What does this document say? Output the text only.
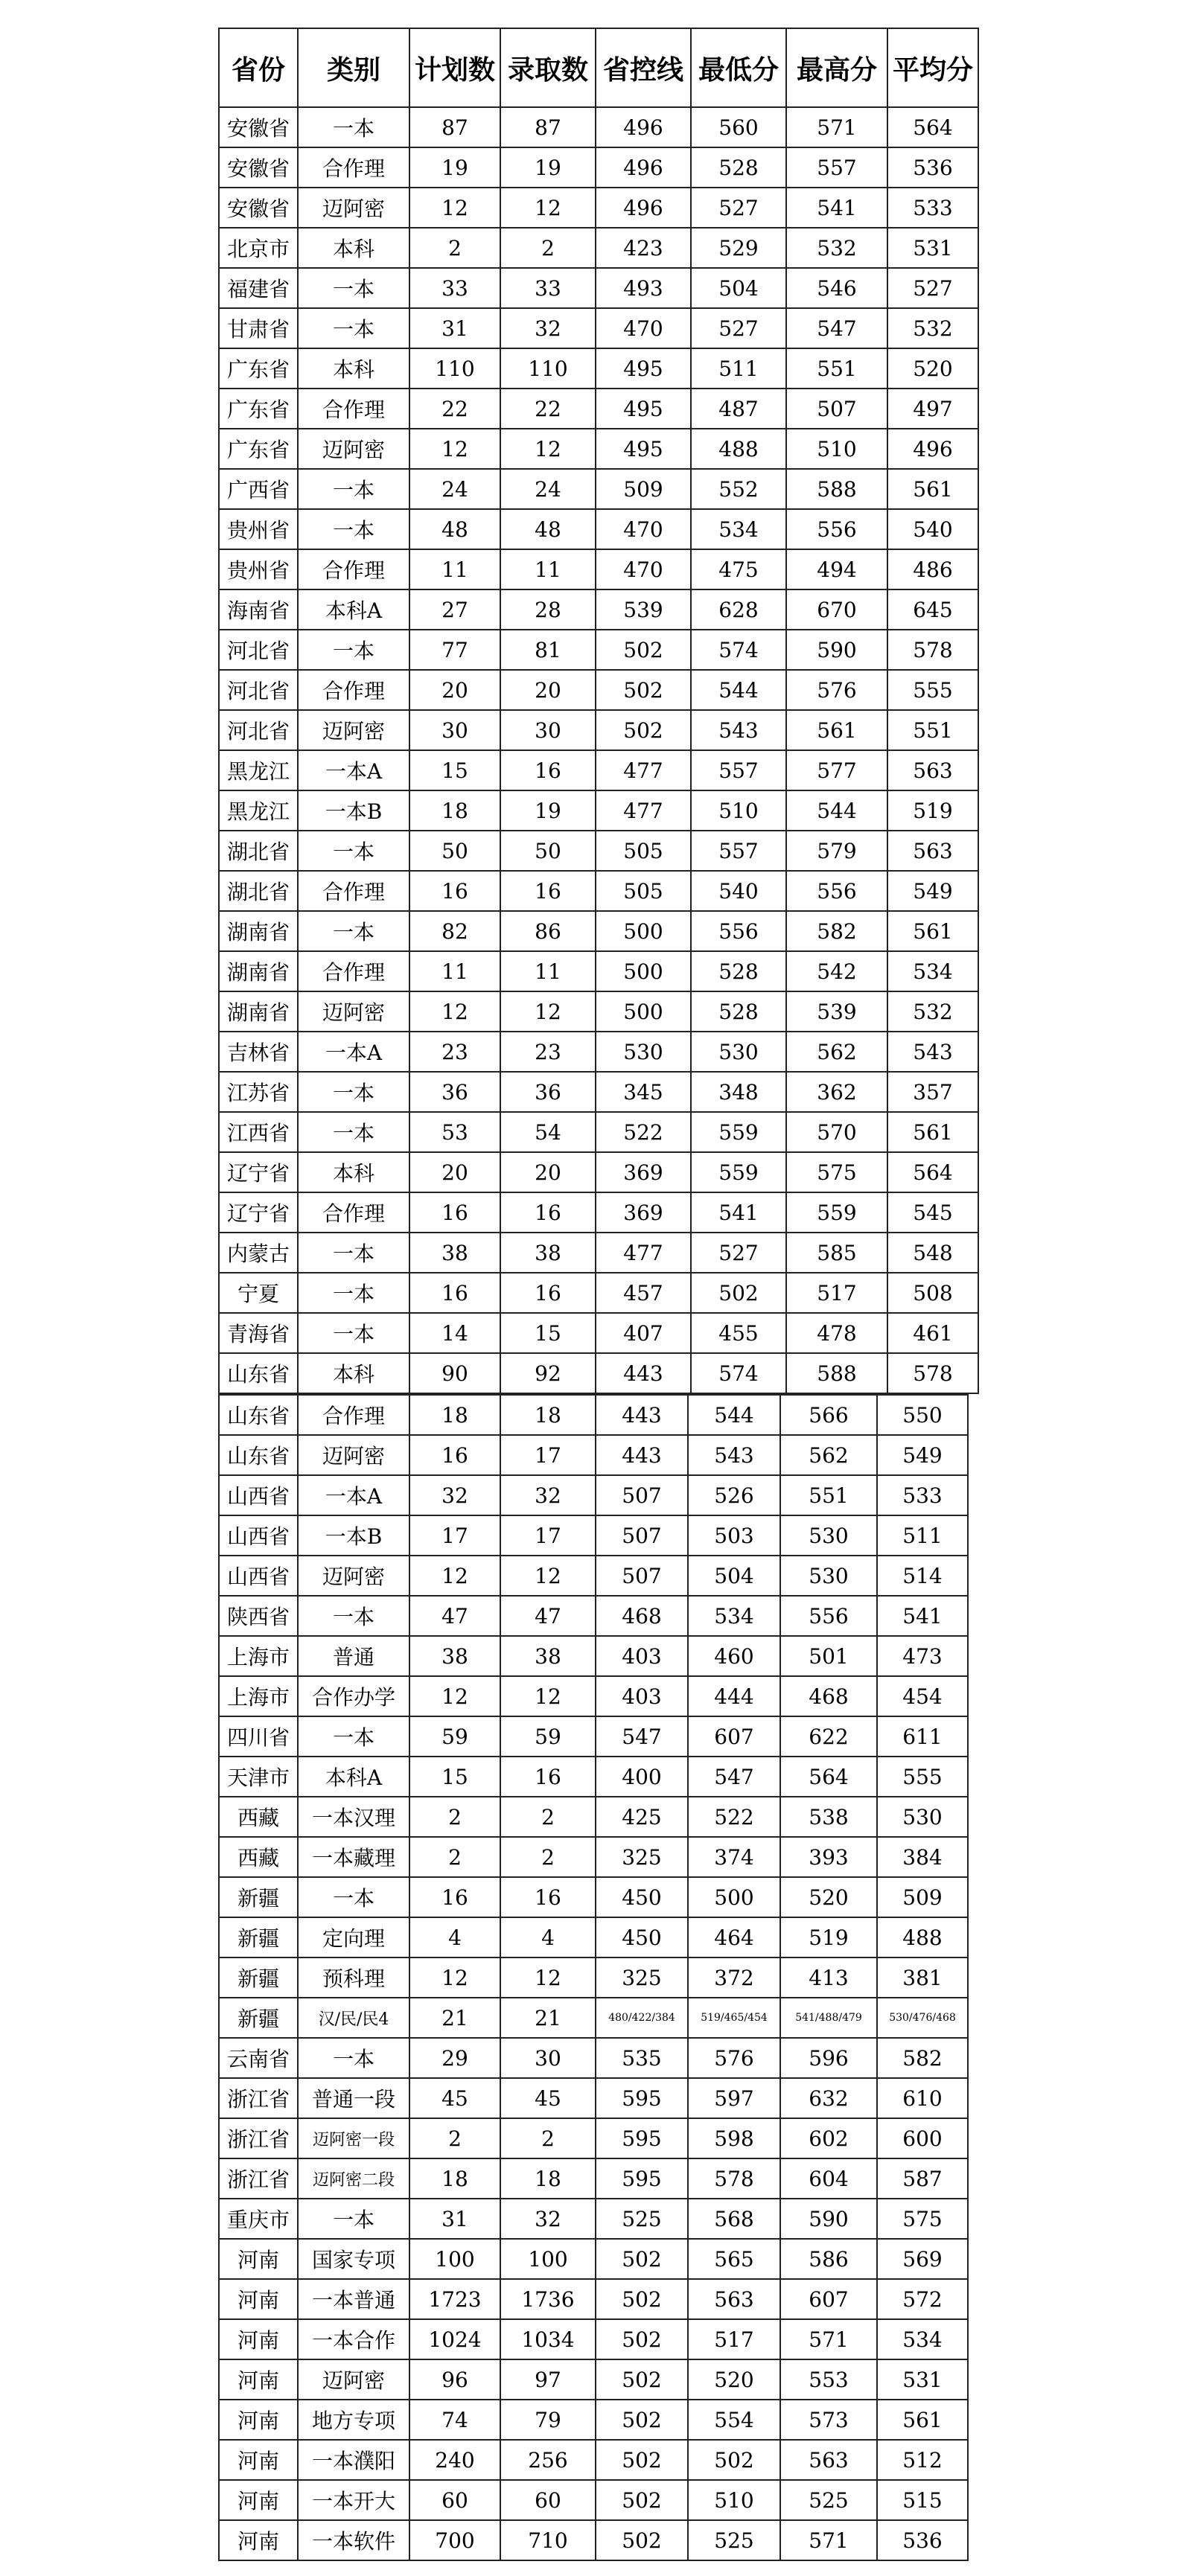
省份	类别	计划数	录取数	省控线	最低分	最高分	平均分
安徽省	一本	87	87	496	560	571	564
安徽省	合作理	19	19	496	528	557	536
安徽省	迈阿密	12	12	496	527	541	533
北京市	本科	2	2	423	529	532	531
福建省	一本	33	33	493	504	546	527
甘肃省	一本	31	32	470	527	547	532
广东省	本科	110	110	495	511	551	520
广东省	合作理	22	22	495	487	507	497
广东省	迈阿密	12	12	495	488	510	496
广西省	一本	24	24	509	552	588	561
贵州省	一本	48	48	470	534	556	540
贵州省	合作理	11	11	470	475	494	486
海南省	本科A	27	28	539	628	670	645
河北省	一本	77	81	502	574	590	578
河北省	合作理	20	20	502	544	576	555
河北省	迈阿密	30	30	502	543	561	551
黑龙江	一本A	15	16	477	557	577	563
黑龙江	一本B	18	19	477	510	544	519
湖北省	一本	50	50	505	557	579	563
湖北省	合作理	16	16	505	540	556	549
湖南省	一本	82	86	500	556	582	561
湖南省	合作理	11	11	500	528	542	534
湖南省	迈阿密	12	12	500	528	539	532
吉林省	一本A	23	23	530	530	562	543
江苏省	一本	36	36	345	348	362	357
江西省	一本	53	54	522	559	570	561
辽宁省	本科	20	20	369	559	575	564
辽宁省	合作理	16	16	369	541	559	545
内蒙古	一本	38	38	477	527	585	548
宁夏	一本	16	16	457	502	517	508
青海省	一本	14	15	407	455	478	461
山东省	本科	90	92	443	574	588	578
山东省	合作理	18	18	443	544	566	550
山东省	迈阿密	16	17	443	543	562	549
山西省	一本A	32	32	507	526	551	533
山西省	一本B	17	17	507	503	530	511
山西省	迈阿密	12	12	507	504	530	514
陕西省	一本	47	47	468	534	556	541
上海市	普通	38	38	403	460	501	473
上海市	合作办学	12	12	403	444	468	454
四川省	一本	59	59	547	607	622	611
天津市	本科A	15	16	400	547	564	555
西藏	一本汉理	2	2	425	522	538	530
西藏	一本藏理	2	2	325	374	393	384
新疆	一本	16	16	450	500	520	509
新疆	定向理	4	4	450	464	519	488
新疆	预科理	12	12	325	372	413	381
新疆	汉/民/民4	21	21	480/422/384	519/465/454	541/488/479	530/476/468
云南省	一本	29	30	535	576	596	582
浙江省	普通一段	45	45	595	597	632	610
浙江省	迈阿密一段	2	2	595	598	602	600
浙江省	迈阿密二段	18	18	595	578	604	587
重庆市	一本	31	32	525	568	590	575
河南	国家专项	100	100	502	565	586	569
河南	一本普通	1723	1736	502	563	607	572
河南	一本合作	1024	1034	502	517	571	534
河南	迈阿密	96	97	502	520	553	531
河南	地方专项	74	79	502	554	573	561
河南	一本濮阳	240	256	502	502	563	512
河南	一本开大	60	60	502	510	525	515
河南	一本软件	700	710	502	525	571	536
